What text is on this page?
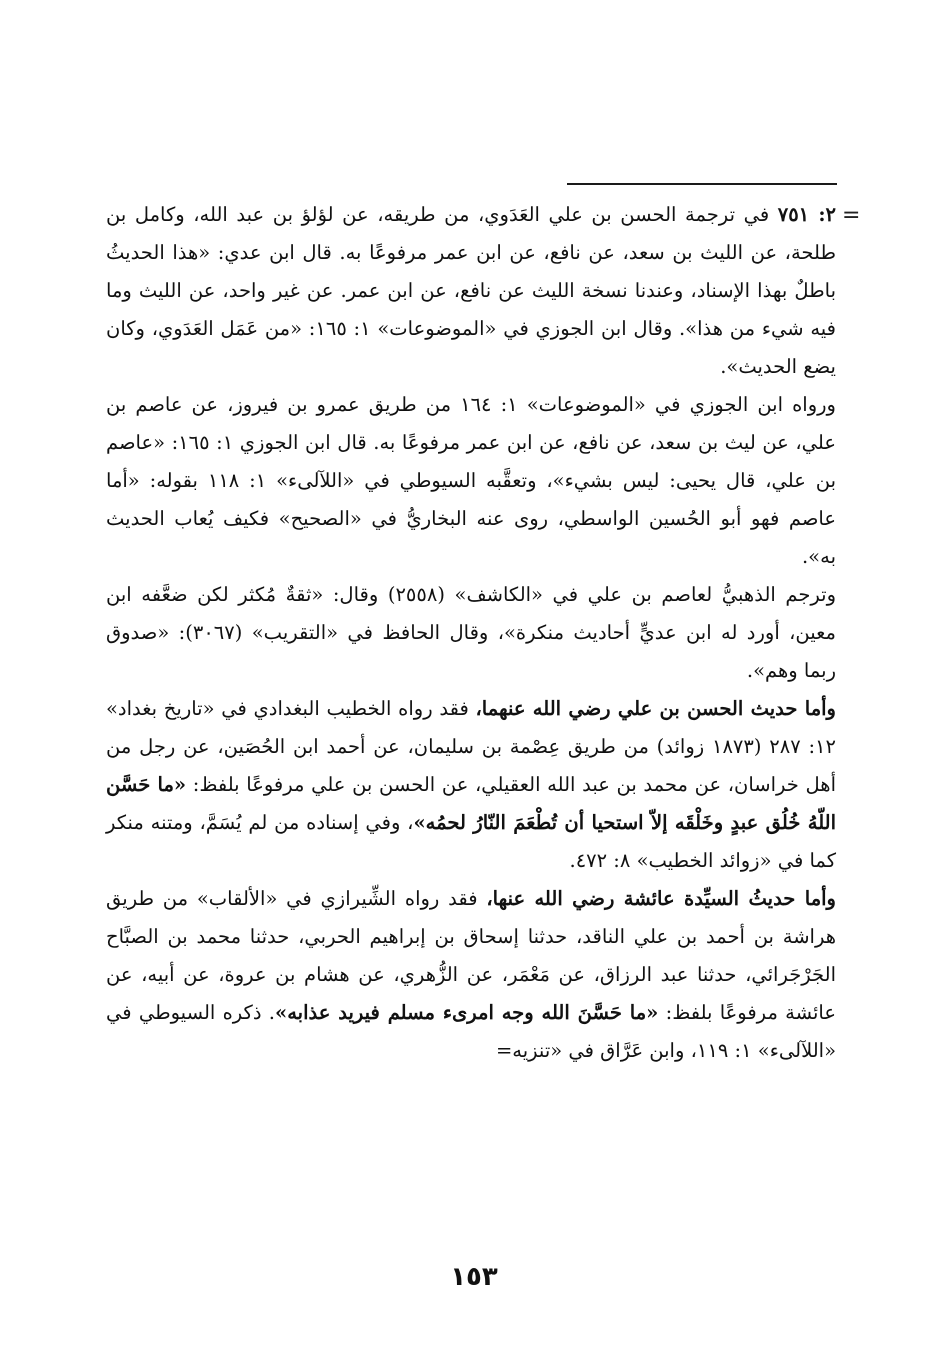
=

٢: ٧٥١ في ترجمة الحسن بن علي العَدَوي، من طريقه، عن لؤلؤ بن عبد الله، وكامل بن طلحة، عن الليث بن سعد، عن نافع، عن ابن عمر مرفوعًا به. قال ابن عدي: «هذا الحديثُ باطلٌ بهذا الإسناد، وعندنا نسخة الليث عن نافع، عن ابن عمر. عن غير واحد، عن الليث وما فيه شيء من هذا». وقال ابن الجوزي في «الموضوعات» ١: ١٦٥: «من عَمَل العَدَوي، وكان يضع الحديث».

ورواه ابن الجوزي في «الموضوعات» ١: ١٦٤ من طريق عمرو بن فيروز، عن عاصم بن علي، عن ليث بن سعد، عن نافع، عن ابن عمر مرفوعًا به. قال ابن الجوزي ١: ١٦٥: «عاصم بن علي، قال يحيى: ليس بشيء»، وتعقَّبه السيوطي في «اللآلىء» ١: ١١٨ بقوله: «أما عاصم فهو أبو الحُسين الواسطي، روى عنه البخاريُّ في «الصحيح» فكيف يُعاب الحديث به».

وترجم الذهبيُّ لعاصم بن علي في «الكاشف» (٢٥٥٨) وقال: «ثقةٌ مُكثر لكن ضعَّفه ابن معين، أورد له ابن عديٍّ أحاديث منكرة»، وقال الحافظ في «التقريب» (٣٠٦٧): «صدوق ربما وهم».

وأما حديث الحسن بن علي رضي الله عنهما، فقد رواه الخطيب البغدادي في «تاريخ بغداد» ١٢: ٢٨٧ (١٨٧٣ زوائد) من طريق عِصْمة بن سليمان، عن أحمد ابن الحُصَين، عن رجل من أهل خراسان، عن محمد بن عبد الله العقيلي، عن الحسن بن علي مرفوعًا بلفظ: «ما حَسَّن اللّهُ خُلُق عبدٍ وخَلْقَه إلاّ استحيا أن تُطْعَمَ النّارُ لحمُه»، وفي إسناده من لم يُسَمَّ، ومتنه منكر كما في «زوائد الخطيب» ٨: ٤٧٢.

وأما حديثُ السيِّدة عائشة رضي الله عنها، فقد رواه الشِّيرازي في «الألقاب» من طريق هراشة بن أحمد بن علي الناقد، حدثنا إسحاق بن إبراهيم الحربي، حدثنا محمد بن الصبَّاح الجَرْجَرائي، حدثنا عبد الرزاق، عن مَعْمَر، عن الزُّهري، عن هشام بن عروة، عن أبيه، عن عائشة مرفوعًا بلفظ: «ما حَسَّنَ الله وجه امرىء مسلم فيريد عذابه». ذكره السيوطي في «اللآلىء» ١: ١١٩، وابن عَرَّاق في «تنزيه=

١٥٣
